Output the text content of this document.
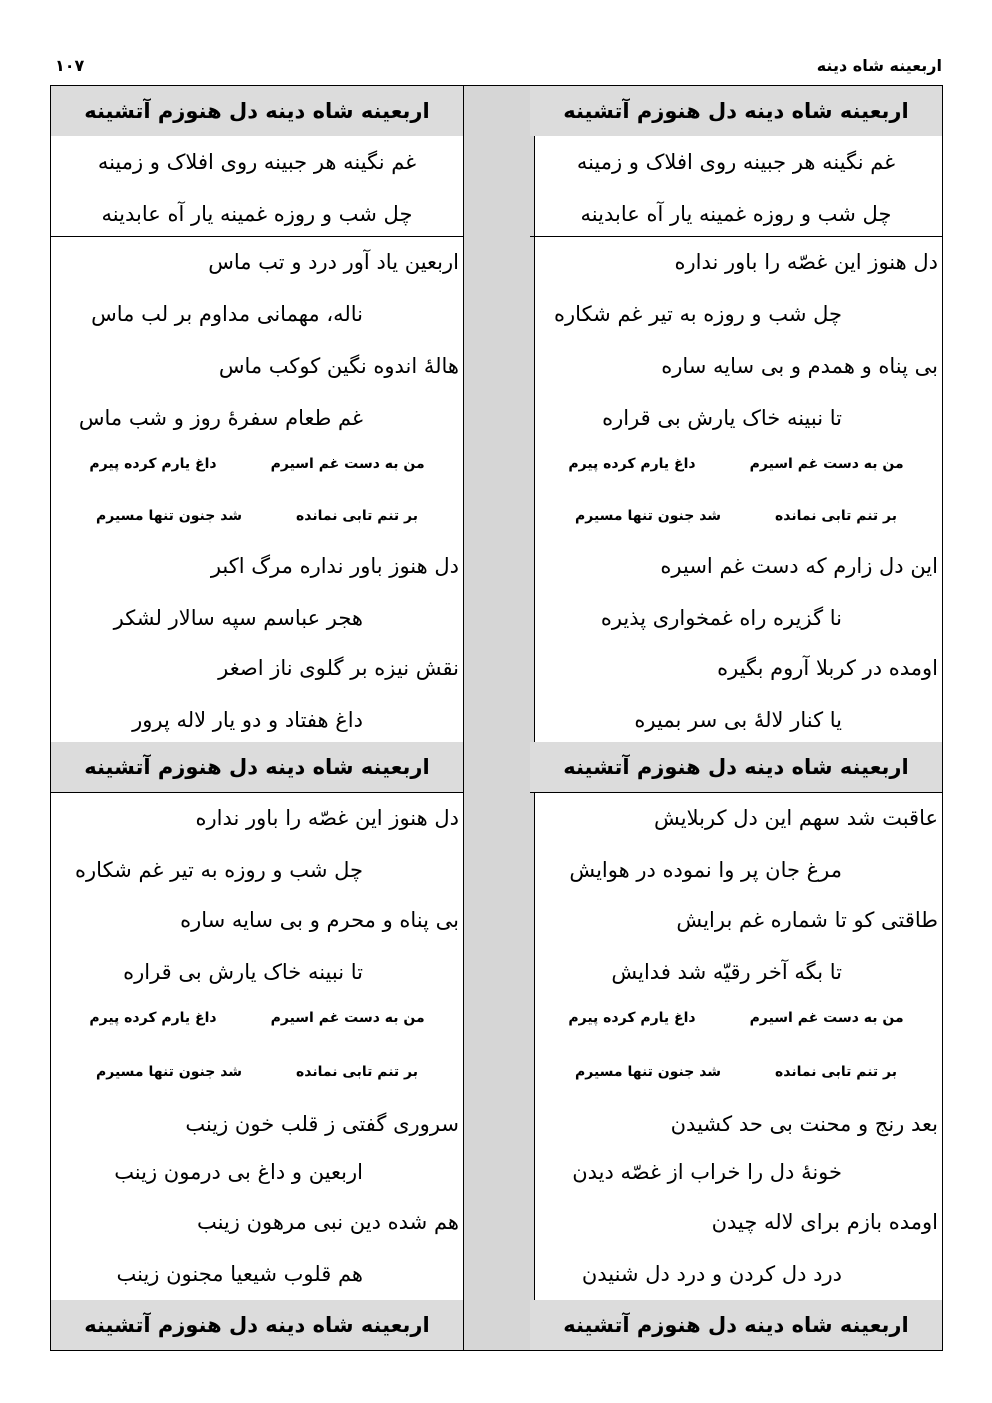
اربعینه شاه دینه
۱۰۷
اربعینه شاه دینه دل هنوزم آتشینه
غم نگینه هر جبینه روی افلاک و زمینه
چل شب و روزه غمینه یار آه عابدینه
دل هنوز این غصّه را باور نداره
چل شب و روزه به تیر غم شکاره
بی پناه و همدم و بی سایه ساره
تا نبینه خاک یارش بی قراره
من به دست غم اسیرم
داغ یارم کرده پیرم
بر تنم تابی نمانده
شد جنون تنها مسیرم
این دل زارم که دست غم اسیره
نا گزیره راه غمخواری پذیره
اومده در کربلا آروم بگیره
یا کنار لالهٔ بی سر بمیره
اربعینه شاه دینه دل هنوزم آتشینه
عاقبت شد سهم این دل کربلایش
مرغ جان پر وا نموده در هوایش
طاقتی کو تا شماره غم برایش
تا بگه آخر رقیّه شد فدایش
من به دست غم اسیرم
داغ یارم کرده پیرم
بر تنم تابی نمانده
شد جنون تنها مسیرم
بعد رنج و محنت بی حد کشیدن
خونهٔ دل را خراب از غصّه دیدن
اومده بازم برای لاله چیدن
درد دل کردن و درد دل شنیدن
اربعینه شاه دینه دل هنوزم آتشینه
اربعینه شاه دینه دل هنوزم آتشینه
غم نگینه هر جبینه روی افلاک و زمینه
چل شب و روزه غمینه یار آه عابدینه
اربعین یاد آور درد و تب ماس
ناله، مهمانی مداوم بر لب ماس
هالهٔ اندوه نگین کوکب ماس
غم طعام سفرهٔ روز و شب ماس
من به دست غم اسیرم
داغ یارم کرده پیرم
بر تنم تابی نمانده
شد جنون تنها مسیرم
دل هنوز باور نداره مرگ اکبر
هجر عباسم سپه سالار لشکر
نقش نیزه بر گلوی ناز اصغر
داغ هفتاد و دو یار لاله پرور
اربعینه شاه دینه دل هنوزم آتشینه
دل هنوز این غصّه را باور نداره
چل شب و روزه به تیر غم شکاره
بی پناه و محرم و بی سایه ساره
تا نبینه خاک یارش بی قراره
من به دست غم اسیرم
داغ یارم کرده پیرم
بر تنم تابی نمانده
شد جنون تنها مسیرم
سروری گفتی ز قلب خون زینب
اربعین و داغ بی درمون زینب
هم شده دین نبی مرهون زینب
هم قلوب شیعیا مجنون زینب
اربعینه شاه دینه دل هنوزم آتشینه
